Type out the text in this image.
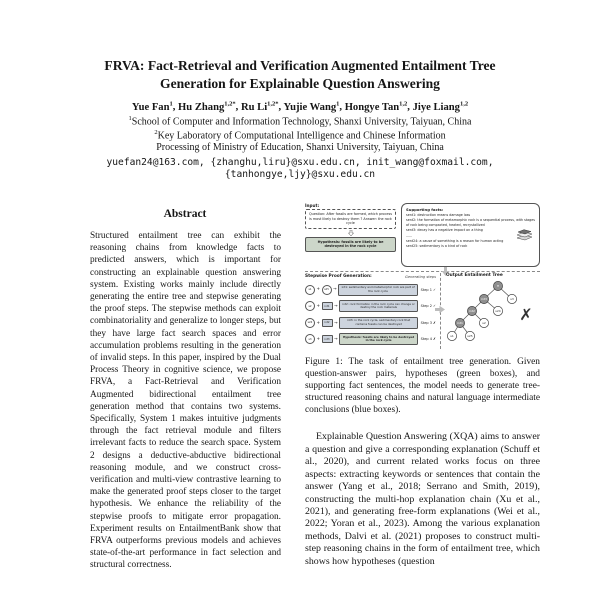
FRVA: Fact-Retrieval and Verification Augmented Entailment Tree
Generation for Explainable Question Answering
Yue Fan$^1$, Hu Zhang$^{1,2*}$, Ru $Li^{1,2*}$, Yujie Wang$^1$, Hongye Tan$^{1,2}$, Jiye Liang$^{1,2}$
$^1$School of Computer and Information Technology, Shanxi University, Taiyuan, China
$^2$Key Laboratory of Computational Intelligence and Chinese Information
Processing of Ministry of Education, Shanxi University, Taiyuan, China
yuefan24@163.com, {zhanghu,liru}@sxu.edu.cn, init_wang@foxmail.com,
{tanhongye,ljy}@sxu.edu.cn
Abstract
Structured entailment tree can exhibit the reasoning chains from knowledge facts to predicted answers, which is important for constructing an explainable question answering system. Existing works mainly include directly generating the entire tree and stepwise generating the proof steps. The stepwise methods can exploit combinatoriality and generalize to longer steps, but they have large fact search spaces and error accumulation problems resulting in the generation of invalid steps. In this paper, inspired by the Dual Process Theory in cognitive science, we propose FRVA, a Fact-Retrieval and Verification Augmented bidirectional entailment tree generation method that contains two systems. Specifically, System 1 makes intuitive judgments through the fact retrieval module and filters irrelevant facts to reduce the search space. System 2 designs a deductive-abductive bidirectional reasoning module, and we construct cross-verification and multi-view contrastive learning to make the generated proof steps closer to the target hypothesis. We enhance the reliability of the stepwise proofs to mitigate error propagation. Experiment results on EntailmentBank show that FRVA outperforms previous models and achieves state-of-the-art performance in fact selection and structural correctness.
Input:
Question: After fossils are formed, which process is most likely to destroy them ? Answer: the rock cycle
Hypothesis: fossils are likely to be destroyed in the rock cycle
Supporting facts:
sent1: destruction means damage loss
sent2: the formation of metamorphic rock is a sequential process, with stages
of rock being compacted, heated, recrystallized
sent3: decay has a negative impact on a thing
......
sent24: a cause of something is a reason for human acting
sent25: sedimentary is a kind of rock
Stepwise Proof Generation:	Generating steps
s1	+	s25 →	int1: sedimentary and metamorphic rock are part of the rock cycle	Step 1 ✓
s2	+	int1	→	int2: rock formation in the rock cycle can change or destroy the rock materials	Step 2 ✓
s24 +	int2	→	int3: in the rock cycle, sedimentary rock that contains fossils can be destroyed	Step 3 ✗
s3	+	int3	→	Hypothesis: fossils are likely to be destroyed in the rock cycle	Step 4 ✗
Output Entailment Tree
H
int3	s3
int2	s24
int1	s2
s1	s25
✗
Figure 1: The task of entailment tree generation. Given question-answer pairs, hypotheses (green boxes), and supporting fact sentences, the model needs to generate tree-structured reasoning chains and natural language intermediate conclusions (blue boxes).
Explainable Question Answering (XQA) aims to answer a question and give a corresponding explanation (Schuff et al., 2020), and current related works focus on three aspects: extracting keywords or sentences that contain the answer (Yang et al., 2018; Serrano and Smith, 2019), constructing the multi-hop explanation chain (Xu et al., 2021), and generating free-form explanations (Wei et al., 2022; Yoran et al., 2023). Among the various explanation methods, Dalvi et al. (2021) proposes to construct multi-step reasoning chains in the form of entailment tree, which shows how hypotheses (question
